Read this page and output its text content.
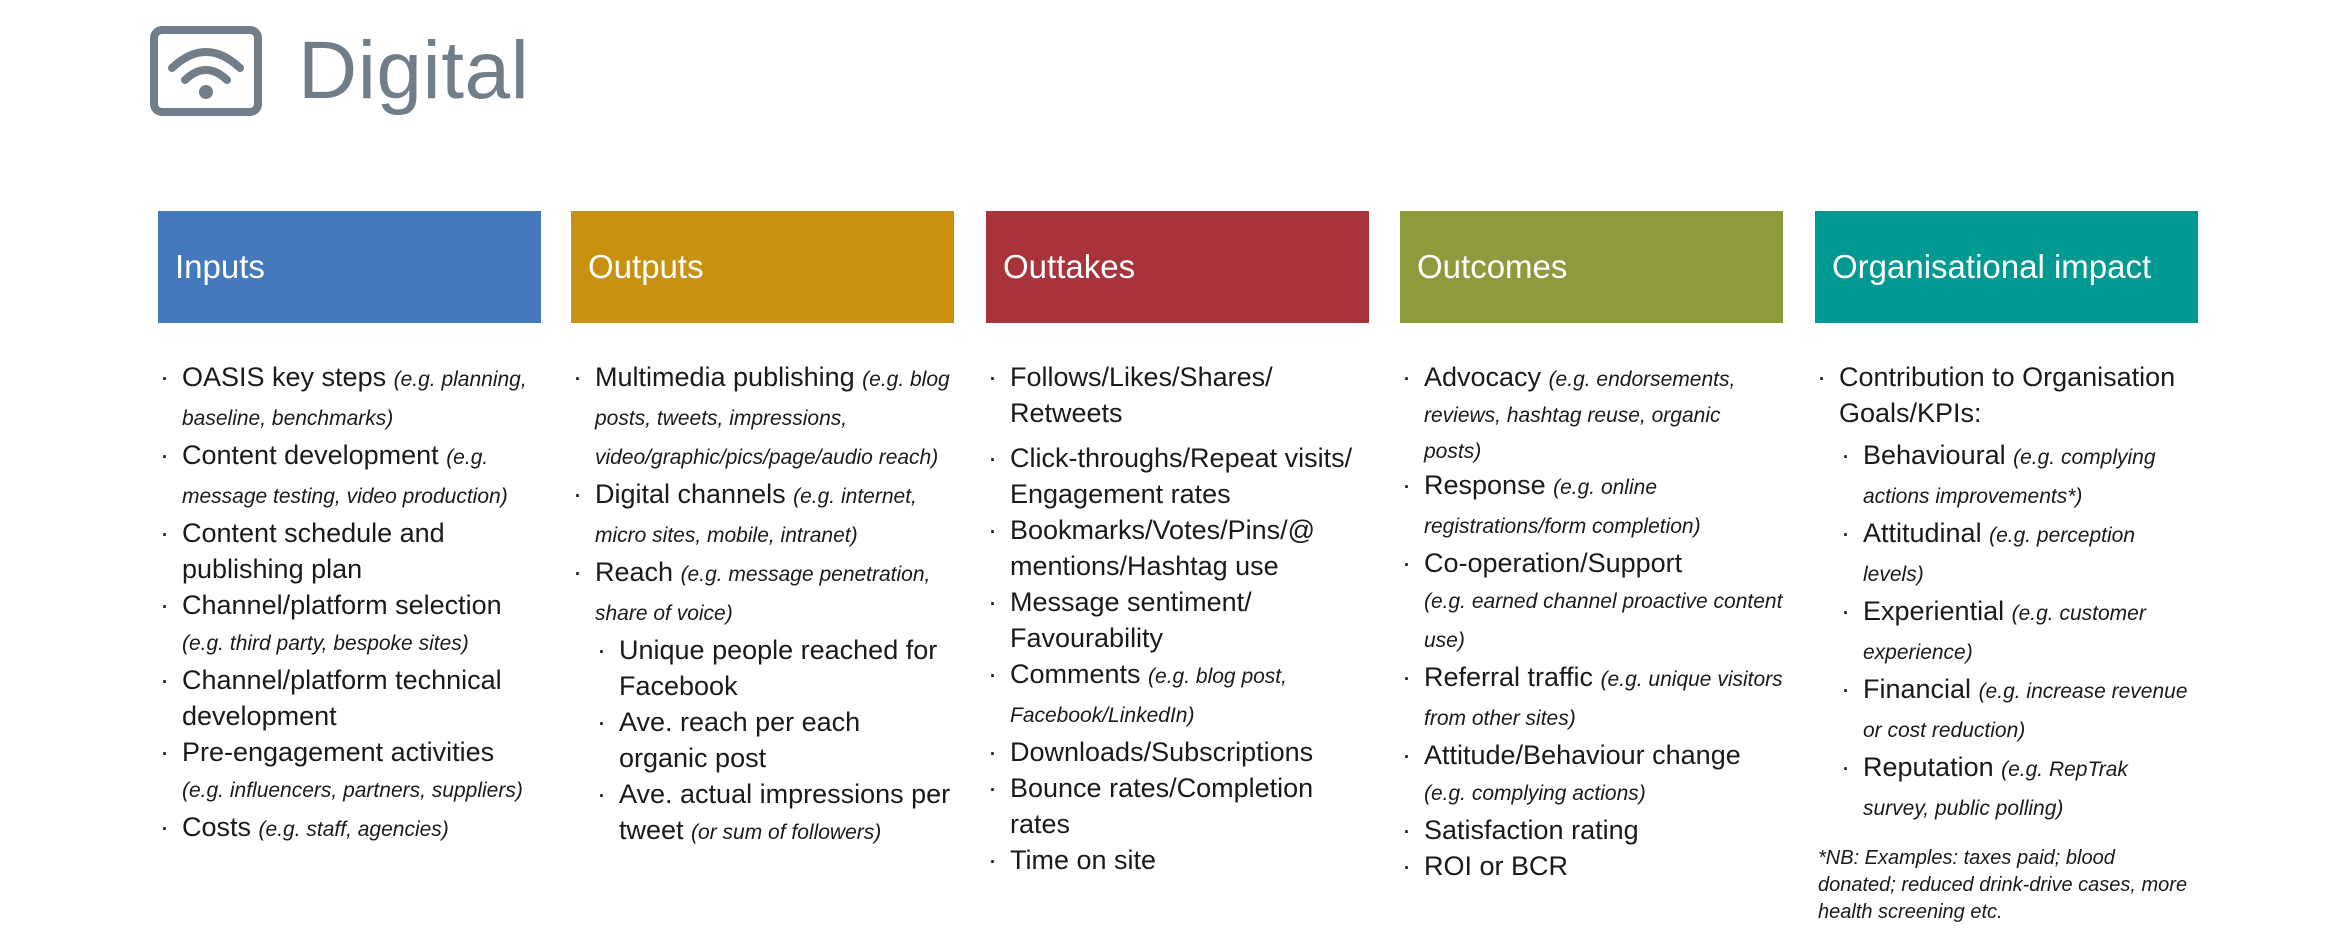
Digital
Inputs
· OASIS key steps (e.g. planning, baseline, benchmarks)
· Content development (e.g. message testing, video production)
· Content schedule and publishing plan
· Channel/platform selection
(e.g. third party, bespoke sites)
· Channel/platform technical development
· Pre-engagement activities
(e.g. influencers, partners, suppliers)
· Costs (e.g. staff, agencies)
Outputs
· Multimedia publishing (e.g. blog posts, tweets, impressions, video/graphic/pics/page/audio reach)
· Digital channels (e.g. internet, micro sites, mobile, intranet)
· Reach (e.g. message penetration, share of voice)
· Unique people reached for Facebook
· Ave. reach per each organic post
· Ave. actual impressions per tweet (or sum of followers)
Outtakes
· Follows/Likes/Shares/ Retweets
· Click-throughs/Repeat visits/ Engagement rates
· Bookmarks/Votes/Pins/@ mentions/Hashtag use
· Message sentiment/ Favourability
· Comments (e.g. blog post, Facebook/LinkedIn)
· Downloads/Subscriptions
· Bounce rates/Completion rates
· Time on site
Outcomes
· Advocacy (e.g. endorsements, reviews, hashtag reuse, organic posts)
· Response (e.g. online registrations/form completion)
· Co-operation/Support
(e.g. earned channel proactive content use)
· Referral traffic (e.g. unique visitors from other sites)
· Attitude/Behaviour change
(e.g. complying actions)
· Satisfaction rating
· ROI or BCR
Organisational impact
· Contribution to Organisation Goals/KPIs:
· Behavioural (e.g. complying actions improvements*)
· Attitudinal (e.g. perception levels)
· Experiential (e.g. customer experience)
· Financial (e.g. increase revenue or cost reduction)
· Reputation (e.g. RepTrak survey, public polling)
*NB: Examples: taxes paid; blood donated; reduced drink-drive cases, more health screening etc.
